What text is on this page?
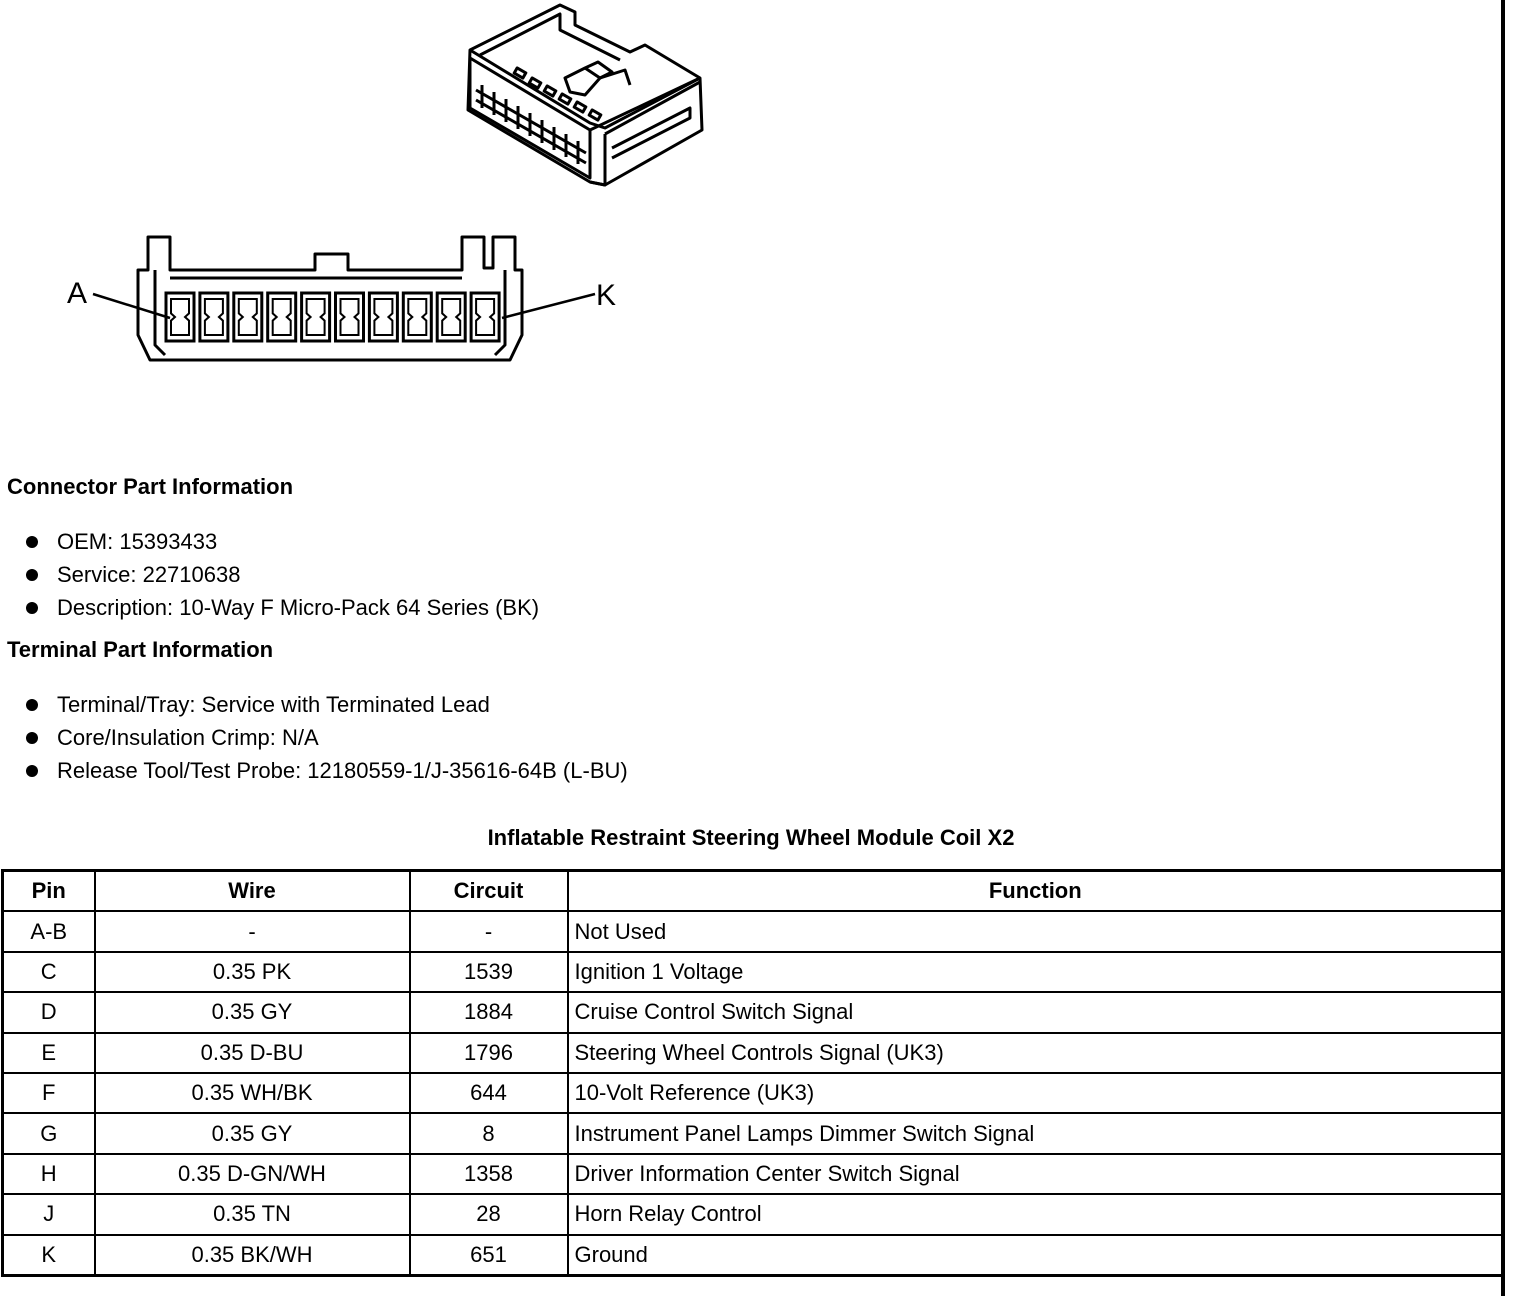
A	K
Connector Part Information
OEM: 15393433
Service: 22710638
Description: 10-Way F Micro-Pack 64 Series (BK)
Terminal Part Information
Terminal/Tray: Service with Terminated Lead
Core/Insulation Crimp: N/A
Release Tool/Test Probe: 12180559-1/J-35616-64B (L-BU)
Inflatable Restraint Steering Wheel Module Coil X2
Pin	Wire	Circuit	Function
A-B	-	-	Not Used
C	0.35 PK	1539	Ignition 1 Voltage
D	0.35 GY	1884	Cruise Control Switch Signal
E	0.35 D-BU	1796	Steering Wheel Controls Signal (UK3)
F	0.35 WH/BK	644	10-Volt Reference (UK3)
G	0.35 GY	8	Instrument Panel Lamps Dimmer Switch Signal
H	0.35 D-GN/WH	1358	Driver Information Center Switch Signal
J	0.35 TN	28	Horn Relay Control
K	0.35 BK/WH	651	Ground
